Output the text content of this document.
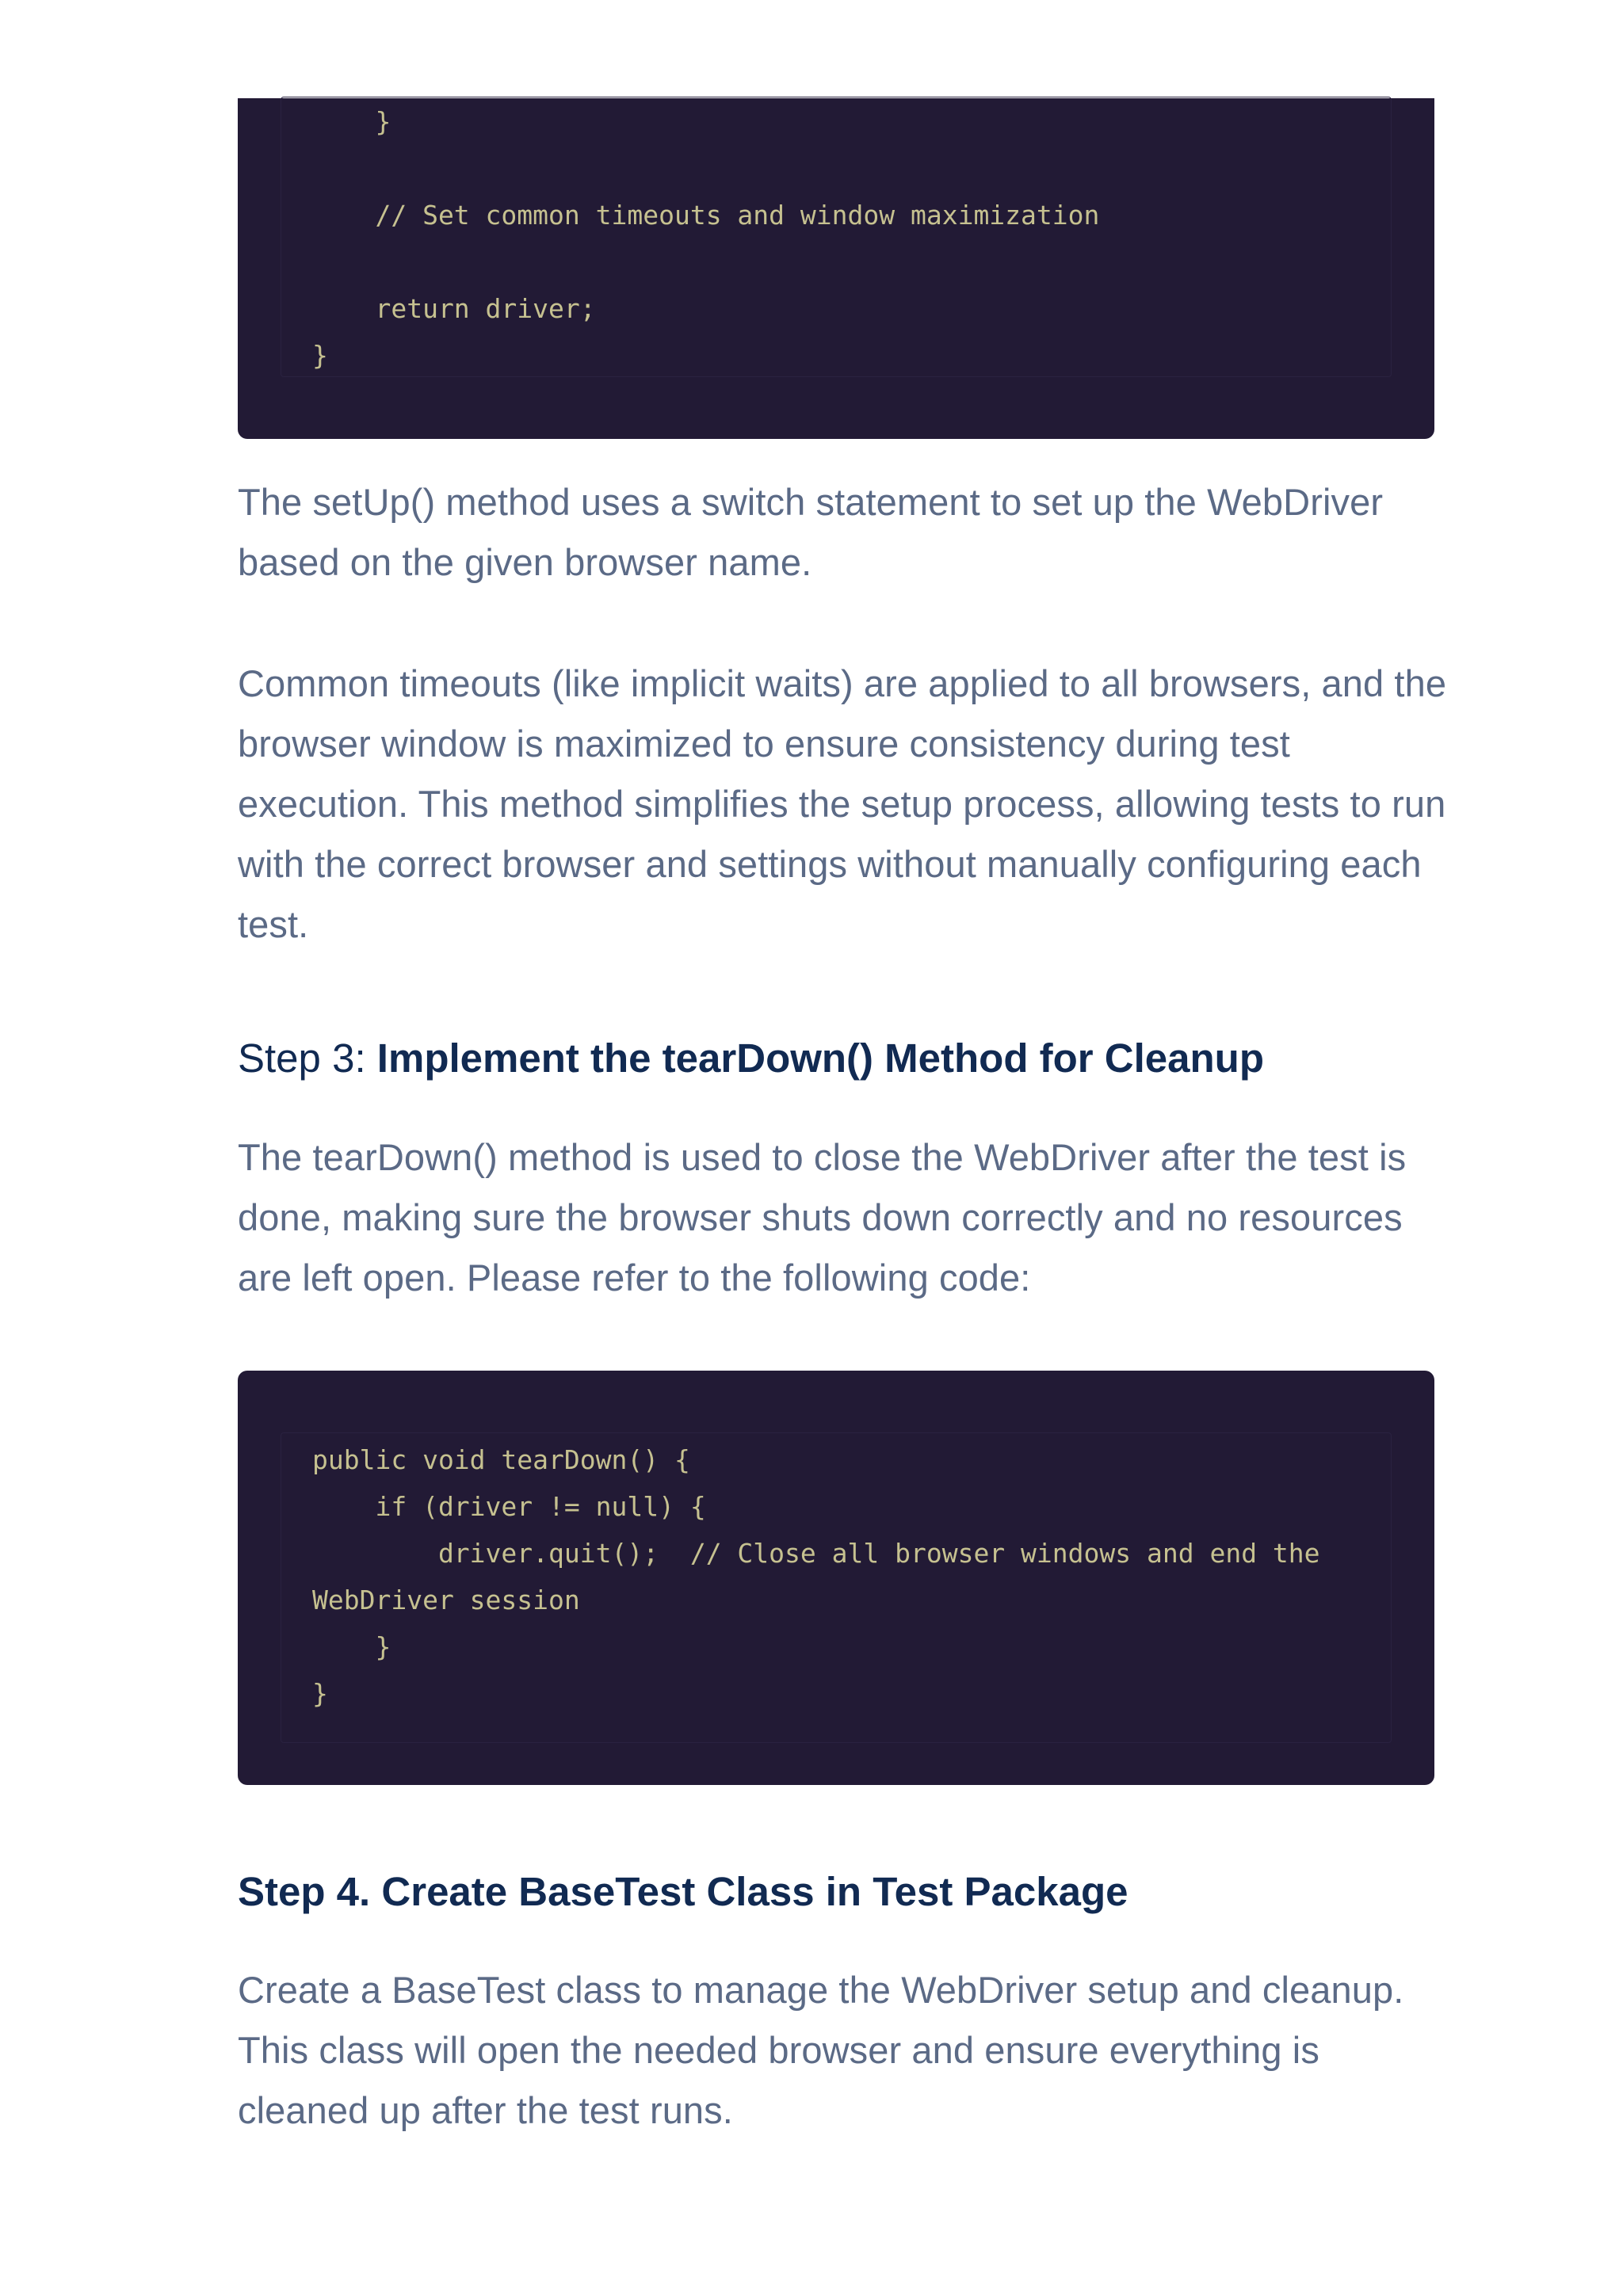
}

// Set common timeouts and window maximization

return driver;
}

The setUp() method uses a switch statement to set up the WebDriver based on the given browser name.

Common timeouts (like implicit waits) are applied to all browsers, and the browser window is maximized to ensure consistency during test execution. This method simplifies the setup process, allowing tests to run with the correct browser and settings without manually configuring each test.

Step 3: Implement the tearDown() Method for Cleanup

The tearDown() method is used to close the WebDriver after the test is done, making sure the browser shuts down correctly and no resources are left open. Please refer to the following code:

public void tearDown() {
if (driver != null) {
driver.quit();  // Close all browser windows and end the
WebDriver session
}
}
Step 4. Create BaseTest Class in Test Package

Create a BaseTest class to manage the WebDriver setup and cleanup. This class will open the needed browser and ensure everything is cleaned up after the test runs.
